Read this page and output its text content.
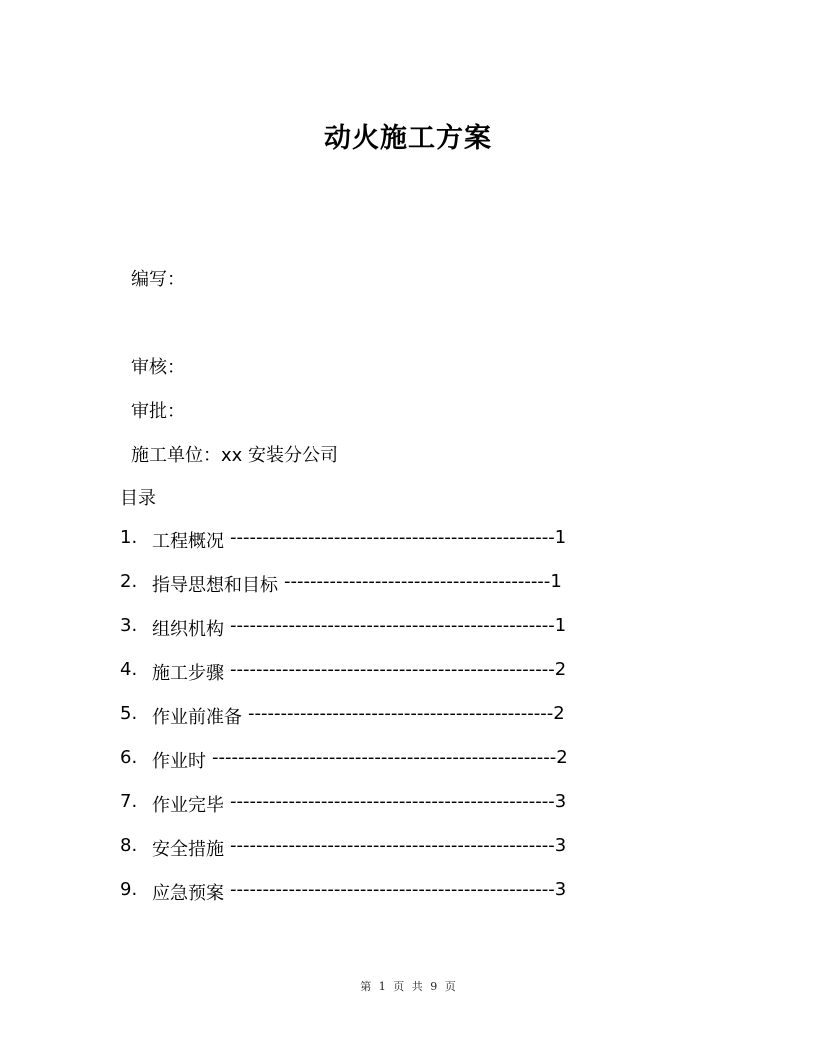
动火施工方案
编写：
审核：
审批：
施工单位：xx 安装分公司
目录
1. 工程概况 -------------------------------------------------- 1
2. 指导思想和目标 ----------------------------------------- 1
3. 组织机构 -------------------------------------------------- 1
4. 施工步骤 -------------------------------------------------- 2
5. 作业前准备 ----------------------------------------------- 2
6. 作业时 ----------------------------------------------------- 2
7. 作业完毕 -------------------------------------------------- 3
8. 安全措施 -------------------------------------------------- 3
9. 应急预案 -------------------------------------------------- 3
第 1 页 共 9 页
